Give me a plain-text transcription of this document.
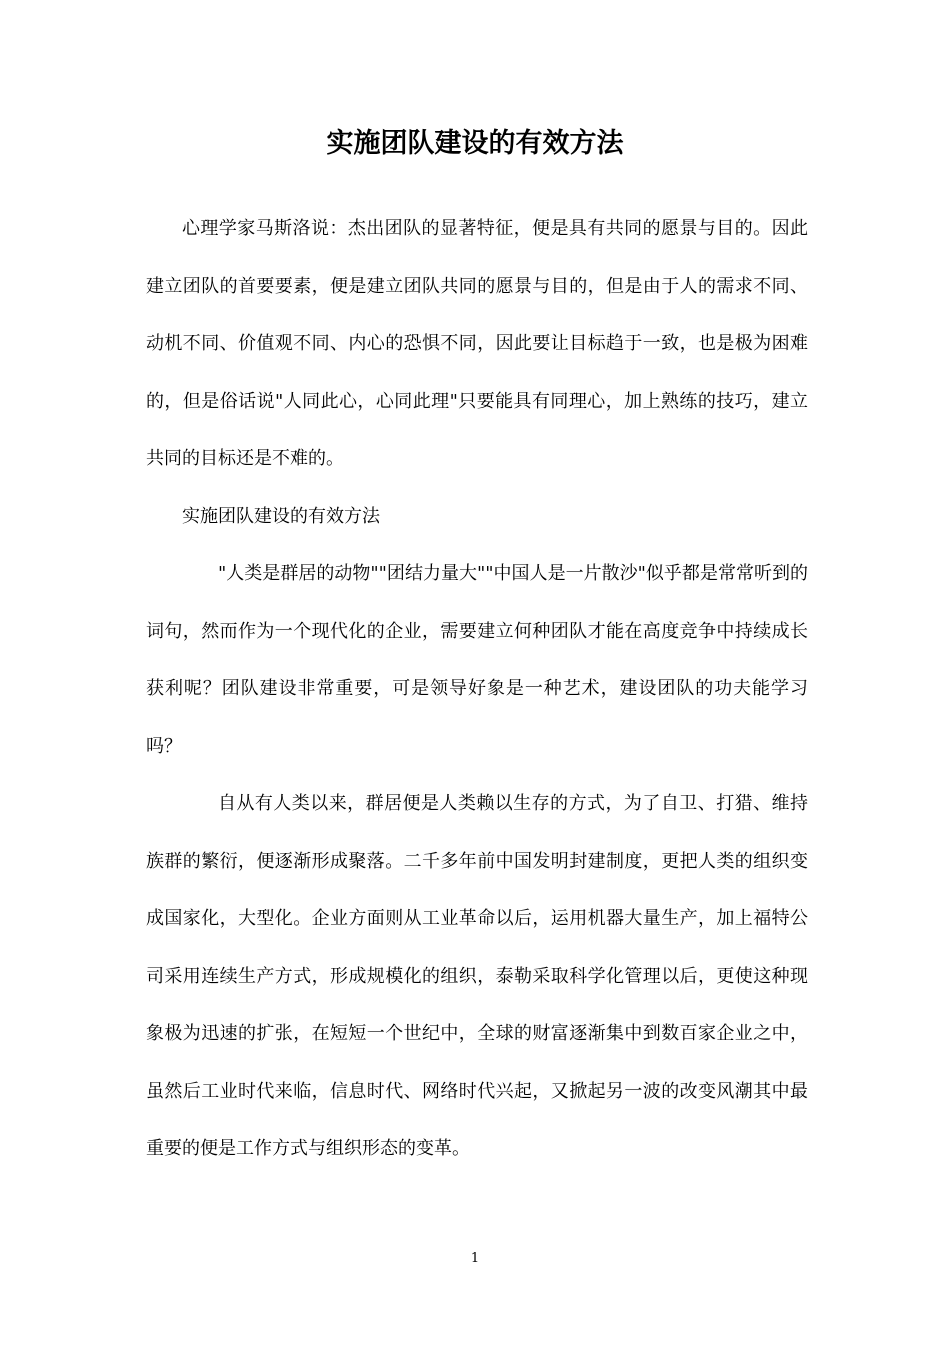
实施团队建设的有效方法

心理学家马斯洛说：杰出团队的显著特征，便是具有共同的愿景与目的。因此建立团队的首要要素，便是建立团队共同的愿景与目的，但是由于人的需求不同、动机不同、价值观不同、内心的恐惧不同，因此要让目标趋于一致，也是极为困难的，但是俗话说"人同此心，心同此理"只要能具有同理心，加上熟练的技巧，建立共同的目标还是不难的。

实施团队建设的有效方法

"人类是群居的动物""团结力量大""中国人是一片散沙"似乎都是常常听到的词句，然而作为一个现代化的企业，需要建立何种团队才能在高度竞争中持续成长获利呢？团队建设非常重要，可是领导好象是一种艺术，建设团队的功夫能学习吗？

自从有人类以来，群居便是人类赖以生存的方式，为了自卫、打猎、维持族群的繁衍，便逐渐形成聚落。二千多年前中国发明封建制度，更把人类的组织变成国家化，大型化。企业方面则从工业革命以后，运用机器大量生产，加上福特公司采用连续生产方式，形成规模化的组织，泰勒采取科学化管理以后，更使这种现象极为迅速的扩张，在短短一个世纪中，全球的财富逐渐集中到数百家企业之中，虽然后工业时代来临，信息时代、网络时代兴起，又掀起另一波的改变风潮其中最重要的便是工作方式与组织形态的变革。

1
